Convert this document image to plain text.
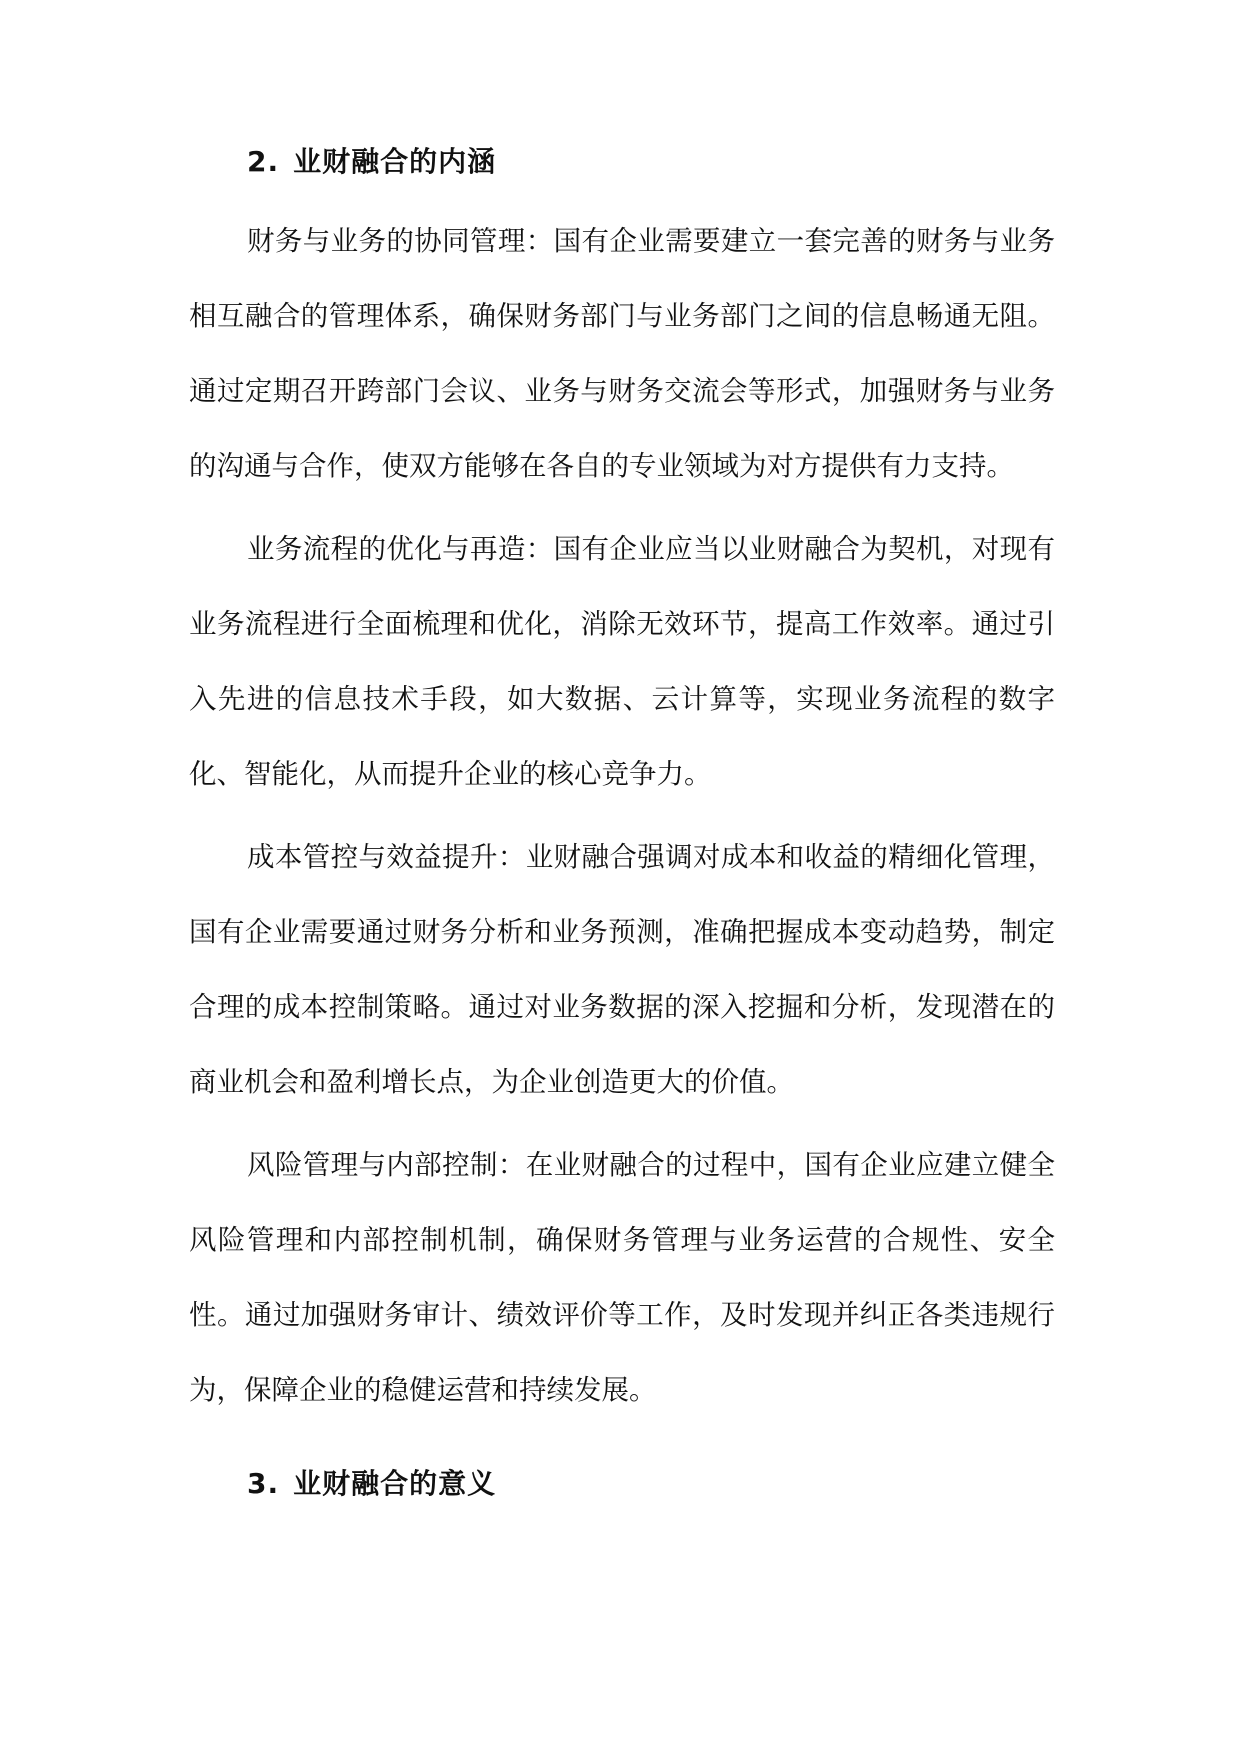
2. 业财融合的内涵

财务与业务的协同管理：国有企业需要建立一套完善的财务与业务相互融合的管理体系，确保财务部门与业务部门之间的信息畅通无阻。通过定期召开跨部门会议、业务与财务交流会等形式，加强财务与业务的沟通与合作，使双方能够在各自的专业领域为对方提供有力支持。

业务流程的优化与再造：国有企业应当以业财融合为契机，对现有业务流程进行全面梳理和优化，消除无效环节，提高工作效率。通过引入先进的信息技术手段，如大数据、云计算等，实现业务流程的数字化、智能化，从而提升企业的核心竞争力。

成本管控与效益提升：业财融合强调对成本和收益的精细化管理，国有企业需要通过财务分析和业务预测，准确把握成本变动趋势，制定合理的成本控制策略。通过对业务数据的深入挖掘和分析，发现潜在的商业机会和盈利增长点，为企业创造更大的价值。

风险管理与内部控制：在业财融合的过程中，国有企业应建立健全风险管理和内部控制机制，确保财务管理与业务运营的合规性、安全性。通过加强财务审计、绩效评价等工作，及时发现并纠正各类违规行为，保障企业的稳健运营和持续发展。

3. 业财融合的意义
